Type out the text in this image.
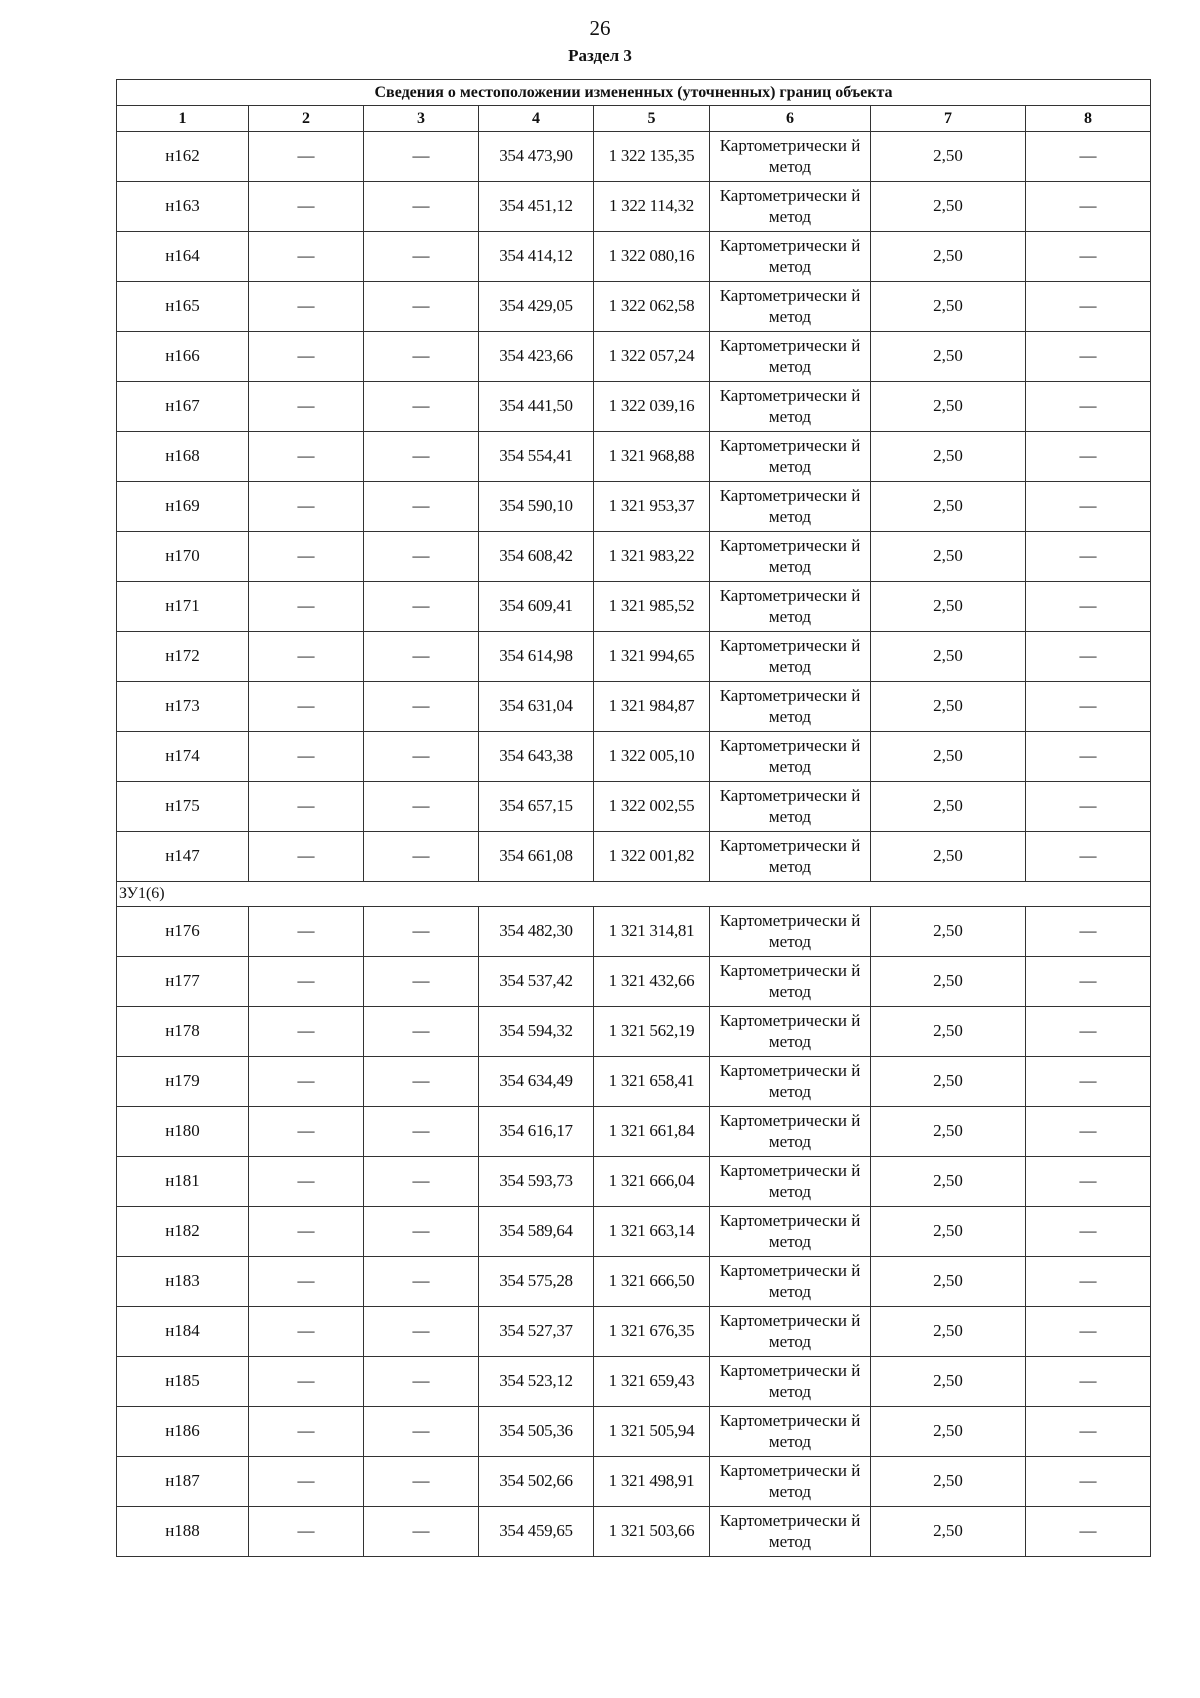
26
Раздел 3
Сведения о местоположении измененных (уточненных) границ объекта							
1	2	3	4	5	6	7	8
н162	—	—	354 473,90	1 322 135,35	Картометрически й метод	2,50	—
н163	—	—	354 451,12	1 322 114,32	Картометрически й метод	2,50	—
н164	—	—	354 414,12	1 322 080,16	Картометрически й метод	2,50	—
н165	—	—	354 429,05	1 322 062,58	Картометрически й метод	2,50	—
н166	—	—	354 423,66	1 322 057,24	Картометрически й метод	2,50	—
н167	—	—	354 441,50	1 322 039,16	Картометрически й метод	2,50	—
н168	—	—	354 554,41	1 321 968,88	Картометрически й метод	2,50	—
н169	—	—	354 590,10	1 321 953,37	Картометрически й метод	2,50	—
н170	—	—	354 608,42	1 321 983,22	Картометрически й метод	2,50	—
н171	—	—	354 609,41	1 321 985,52	Картометрически й метод	2,50	—
н172	—	—	354 614,98	1 321 994,65	Картометрически й метод	2,50	—
н173	—	—	354 631,04	1 321 984,87	Картометрически й метод	2,50	—
н174	—	—	354 643,38	1 322 005,10	Картометрически й метод	2,50	—
н175	—	—	354 657,15	1 322 002,55	Картометрически й метод	2,50	—
н147	—	—	354 661,08	1 322 001,82	Картометрически й метод	2,50	—
ЗУ1(6)							
н176	—	—	354 482,30	1 321 314,81	Картометрически й метод	2,50	—
н177	—	—	354 537,42	1 321 432,66	Картометрически й метод	2,50	—
н178	—	—	354 594,32	1 321 562,19	Картометрически й метод	2,50	—
н179	—	—	354 634,49	1 321 658,41	Картометрически й метод	2,50	—
н180	—	—	354 616,17	1 321 661,84	Картометрически й метод	2,50	—
н181	—	—	354 593,73	1 321 666,04	Картометрически й метод	2,50	—
н182	—	—	354 589,64	1 321 663,14	Картометрически й метод	2,50	—
н183	—	—	354 575,28	1 321 666,50	Картометрически й метод	2,50	—
н184	—	—	354 527,37	1 321 676,35	Картометрически й метод	2,50	—
н185	—	—	354 523,12	1 321 659,43	Картометрически й метод	2,50	—
н186	—	—	354 505,36	1 321 505,94	Картометрически й метод	2,50	—
н187	—	—	354 502,66	1 321 498,91	Картометрически й метод	2,50	—
н188	—	—	354 459,65	1 321 503,66	Картометрически й метод	2,50	—
